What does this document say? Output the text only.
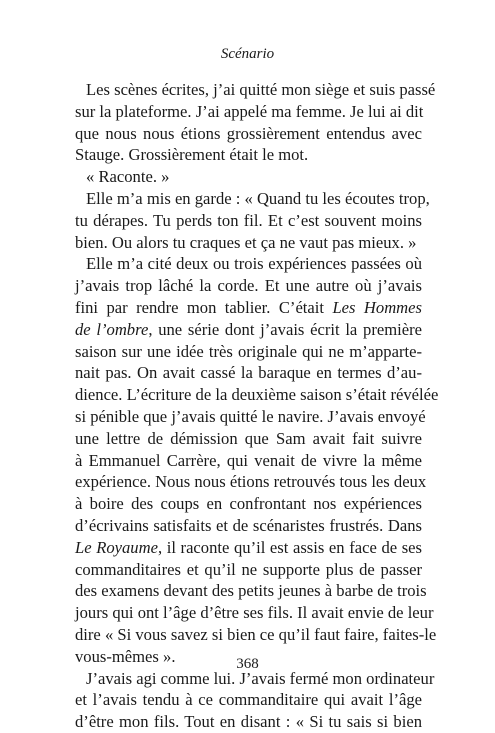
Scénario
Les scènes écrites, j’ai quitté mon siège et suis passé
sur la plateforme. J’ai appelé ma femme. Je lui ai dit
que nous nous étions grossièrement entendus avec
Stauge. Grossièrement était le mot.
« Raconte. »
Elle m’a mis en garde : « Quand tu les écoutes trop,
tu dérapes. Tu perds ton fil. Et c’est souvent moins
bien. Ou alors tu craques et ça ne vaut pas mieux. »
Elle m’a cité deux ou trois expériences passées où
j’avais trop lâché la corde. Et une autre où j’avais
fini par rendre mon tablier. C’était Les Hommes
de l’ombre, une série dont j’avais écrit la première
saison sur une idée très originale qui ne m’apparte-
nait pas. On avait cassé la baraque en termes d’au-
dience. L’écriture de la deuxième saison s’était révélée
si pénible que j’avais quitté le navire. J’avais envoyé
une lettre de démission que Sam avait fait suivre
à Emmanuel Carrère, qui venait de vivre la même
expérience. Nous nous étions retrouvés tous les deux
à boire des coups en confrontant nos expériences
d’écrivains satisfaits et de scénaristes frustrés. Dans
Le Royaume, il raconte qu’il est assis en face de ses
commanditaires et qu’il ne supporte plus de passer
des examens devant des petits jeunes à barbe de trois
jours qui ont l’âge d’être ses fils. Il avait envie de leur
dire « Si vous savez si bien ce qu’il faut faire, faites-le
vous-mêmes ».
J’avais agi comme lui. J’avais fermé mon ordinateur
et l’avais tendu à ce commanditaire qui avait l’âge
d’être mon fils. Tout en disant : « Si tu sais si bien
368
